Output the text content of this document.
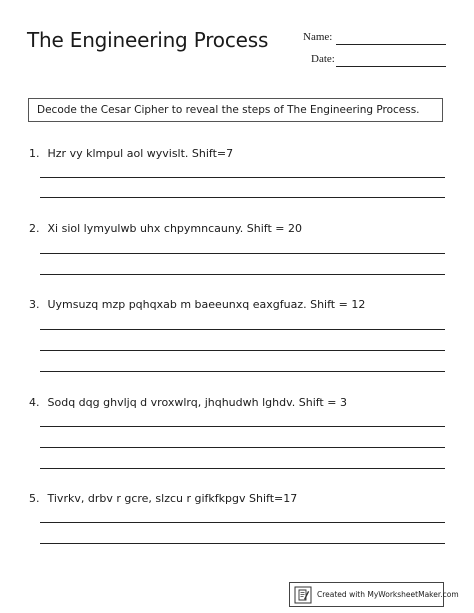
The Engineering Process	Name:
Date:
Decode the Cesar Cipher to reveal the steps of The Engineering Process.
1. Hzr vy klmpul aol wyvislt. Shift=7
2. Xi siol lymyulwb uhx chpymncauny. Shift = 20
3. Uymsuzq mzp pqhqxab m baeeunxq eaxgfuaz. Shift = 12
4. Sodq dqg ghvljq d vroxwlrq, jhqhudwh lghdv. Shift = 3
5. Tivrkv, drbv r gcre, slzcu r gifkfkpgv Shift=17
Created with MyWorksheetMaker.com
